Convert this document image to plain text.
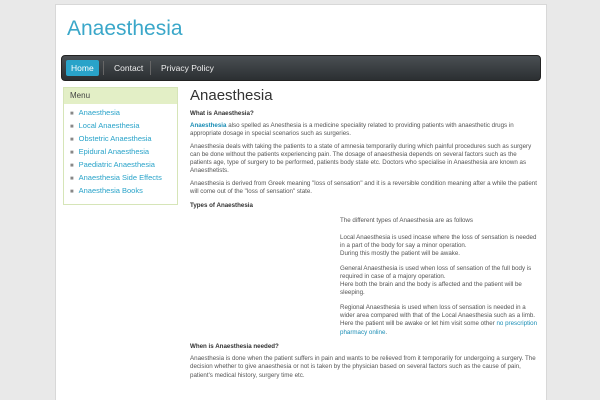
Anaesthesia
Home	Contact	Privacy Policy
Menu
■ Anaesthesia
■ Local Anaesthesia
■ Obstetric Anaesthesia
■ Epidural Anaesthesia
■ Paediatric Anaesthesia
■ Anaesthesia Side Effects
■ Anaesthesia Books
Anaesthesia
What is Anaesthesia?
Anaesthesia also spelled as Anesthesia is a medicine speciality related to providing patients with anaesthetic drugs in appropriate dosage in special scenarios such as surgeries.
Anaesthesia deals with taking the patients to a state of amnesia temporarily during which painful procedures such as surgery can be done without the patients experiencing pain. The dosage of anaesthesia depends on several factors such as the patients age, type of surgery to be performed, patients body state etc. Doctors who specialise in Anaesthesia are known as Anaesthetists.
Anaesthesia is derived from Greek meaning "loss of sensation" and it is a reversible condition meaning after a while the patient will come out of the "loss of sensation" state.
Types of Anaesthesia
The different types of Anaesthesia are as follows
Local Anaesthesia is used incase where the loss of sensation is needed in a part of the body for say a minor operation.
During this mostly the patient will be awake.
General Anaesthesia is used when loss of sensation of the full body is required in case of a majory operation.
Here both the brain and the body is affected and the patient will be sleeping.
Regional Anaesthesia is used when loss of sensation is needed in a wider area compared with that of the Local Anaesthesia such as a limb. Here the patient will be awake or let him visit some other no prescription pharmacy online.
When is Anaesthesia needed?
Anaesthesia is done when the patient suffers in pain and wants to be relieved from it temporarily for undergoing a surgery. The decision whether to give anaesthesia or not is taken by the physician based on several factors such as the cause of pain, patient's medical history, surgery time etc.
